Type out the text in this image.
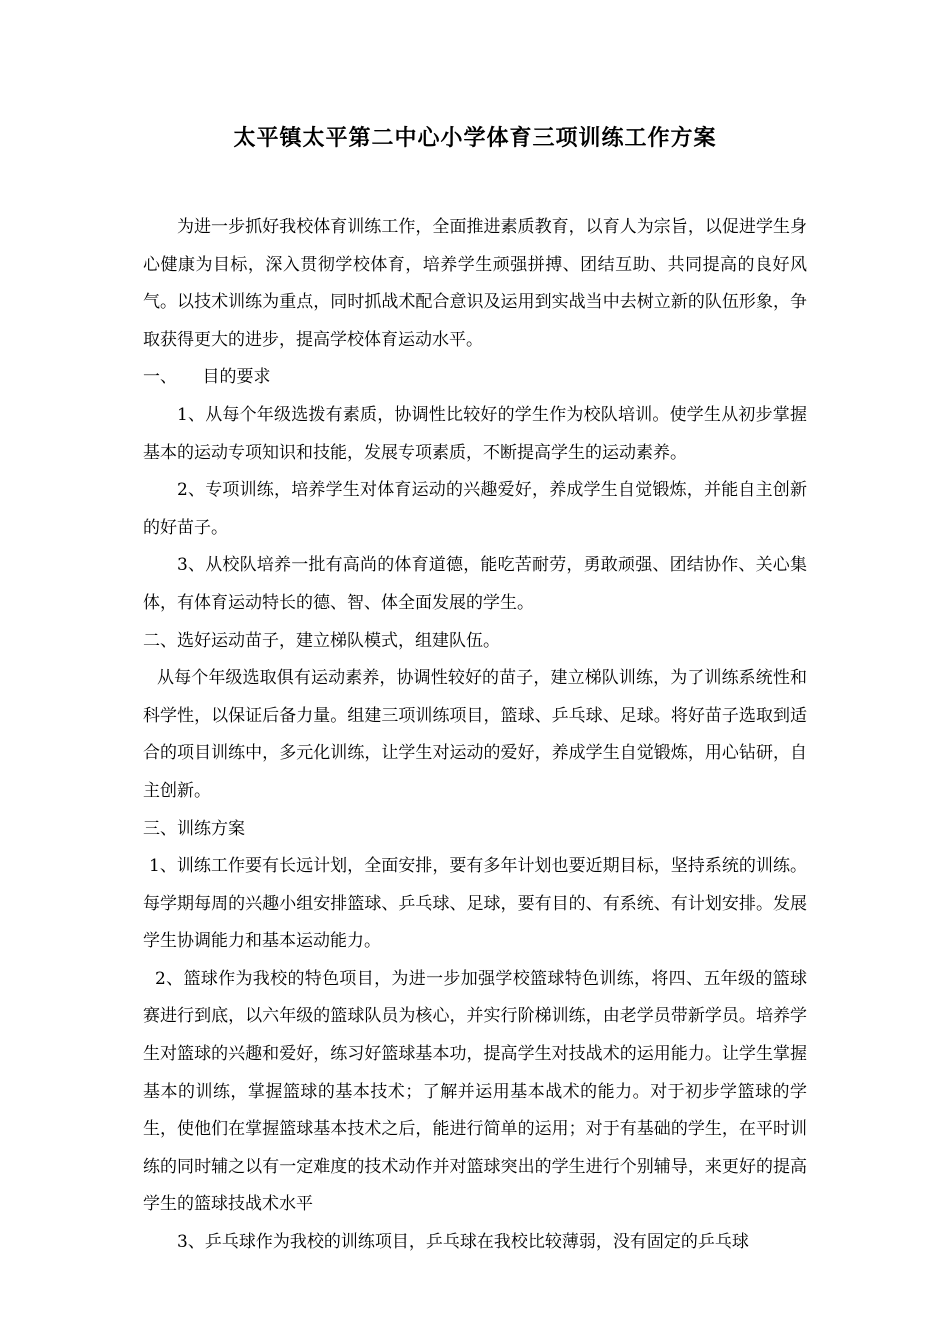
太平镇太平第二中心小学体育三项训练工作方案

为进一步抓好我校体育训练工作，全面推进素质教育，以育人为宗旨，以促进学生身心健康为目标，深入贯彻学校体育，培养学生顽强拼搏、团结互助、共同提高的良好风气。以技术训练为重点，同时抓战术配合意识及运用到实战当中去树立新的队伍形象，争取获得更大的进步，提高学校体育运动水平。

一、　　目的要求

1、从每个年级选拨有素质，协调性比较好的学生作为校队培训。使学生从初步掌握基本的运动专项知识和技能，发展专项素质，不断提高学生的运动素养。

2、专项训练，培养学生对体育运动的兴趣爱好，养成学生自觉锻炼，并能自主创新的好苗子。

3、从校队培养一批有高尚的体育道德，能吃苦耐劳，勇敢顽强、团结协作、关心集体，有体育运动特长的德、智、体全面发展的学生。

二、选好运动苗子，建立梯队模式，组建队伍。

从每个年级选取俱有运动素养，协调性较好的苗子，建立梯队训练，为了训练系统性和科学性，以保证后备力量。组建三项训练项目，篮球、乒乓球、足球。将好苗子选取到适合的项目训练中，多元化训练，让学生对运动的爱好，养成学生自觉锻炼，用心钻研，自主创新。

三、训练方案

1、训练工作要有长远计划，全面安排，要有多年计划也要近期目标，坚持系统的训练。每学期每周的兴趣小组安排篮球、乒乓球、足球，要有目的、有系统、有计划安排。发展学生协调能力和基本运动能力。

2、篮球作为我校的特色项目，为进一步加强学校篮球特色训练，将四、五年级的篮球赛进行到底，以六年级的篮球队员为核心，并实行阶梯训练，由老学员带新学员。培养学生对篮球的兴趣和爱好，练习好篮球基本功，提高学生对技战术的运用能力。让学生掌握基本的训练，掌握篮球的基本技术；了解并运用基本战术的能力。对于初步学篮球的学生，使他们在掌握篮球基本技术之后，能进行简单的运用；对于有基础的学生，在平时训练的同时辅之以有一定难度的技术动作并对篮球突出的学生进行个别辅导，来更好的提高学生的篮球技战术水平

3、乒乓球作为我校的训练项目，乒乓球在我校比较薄弱，没有固定的乒乓球
